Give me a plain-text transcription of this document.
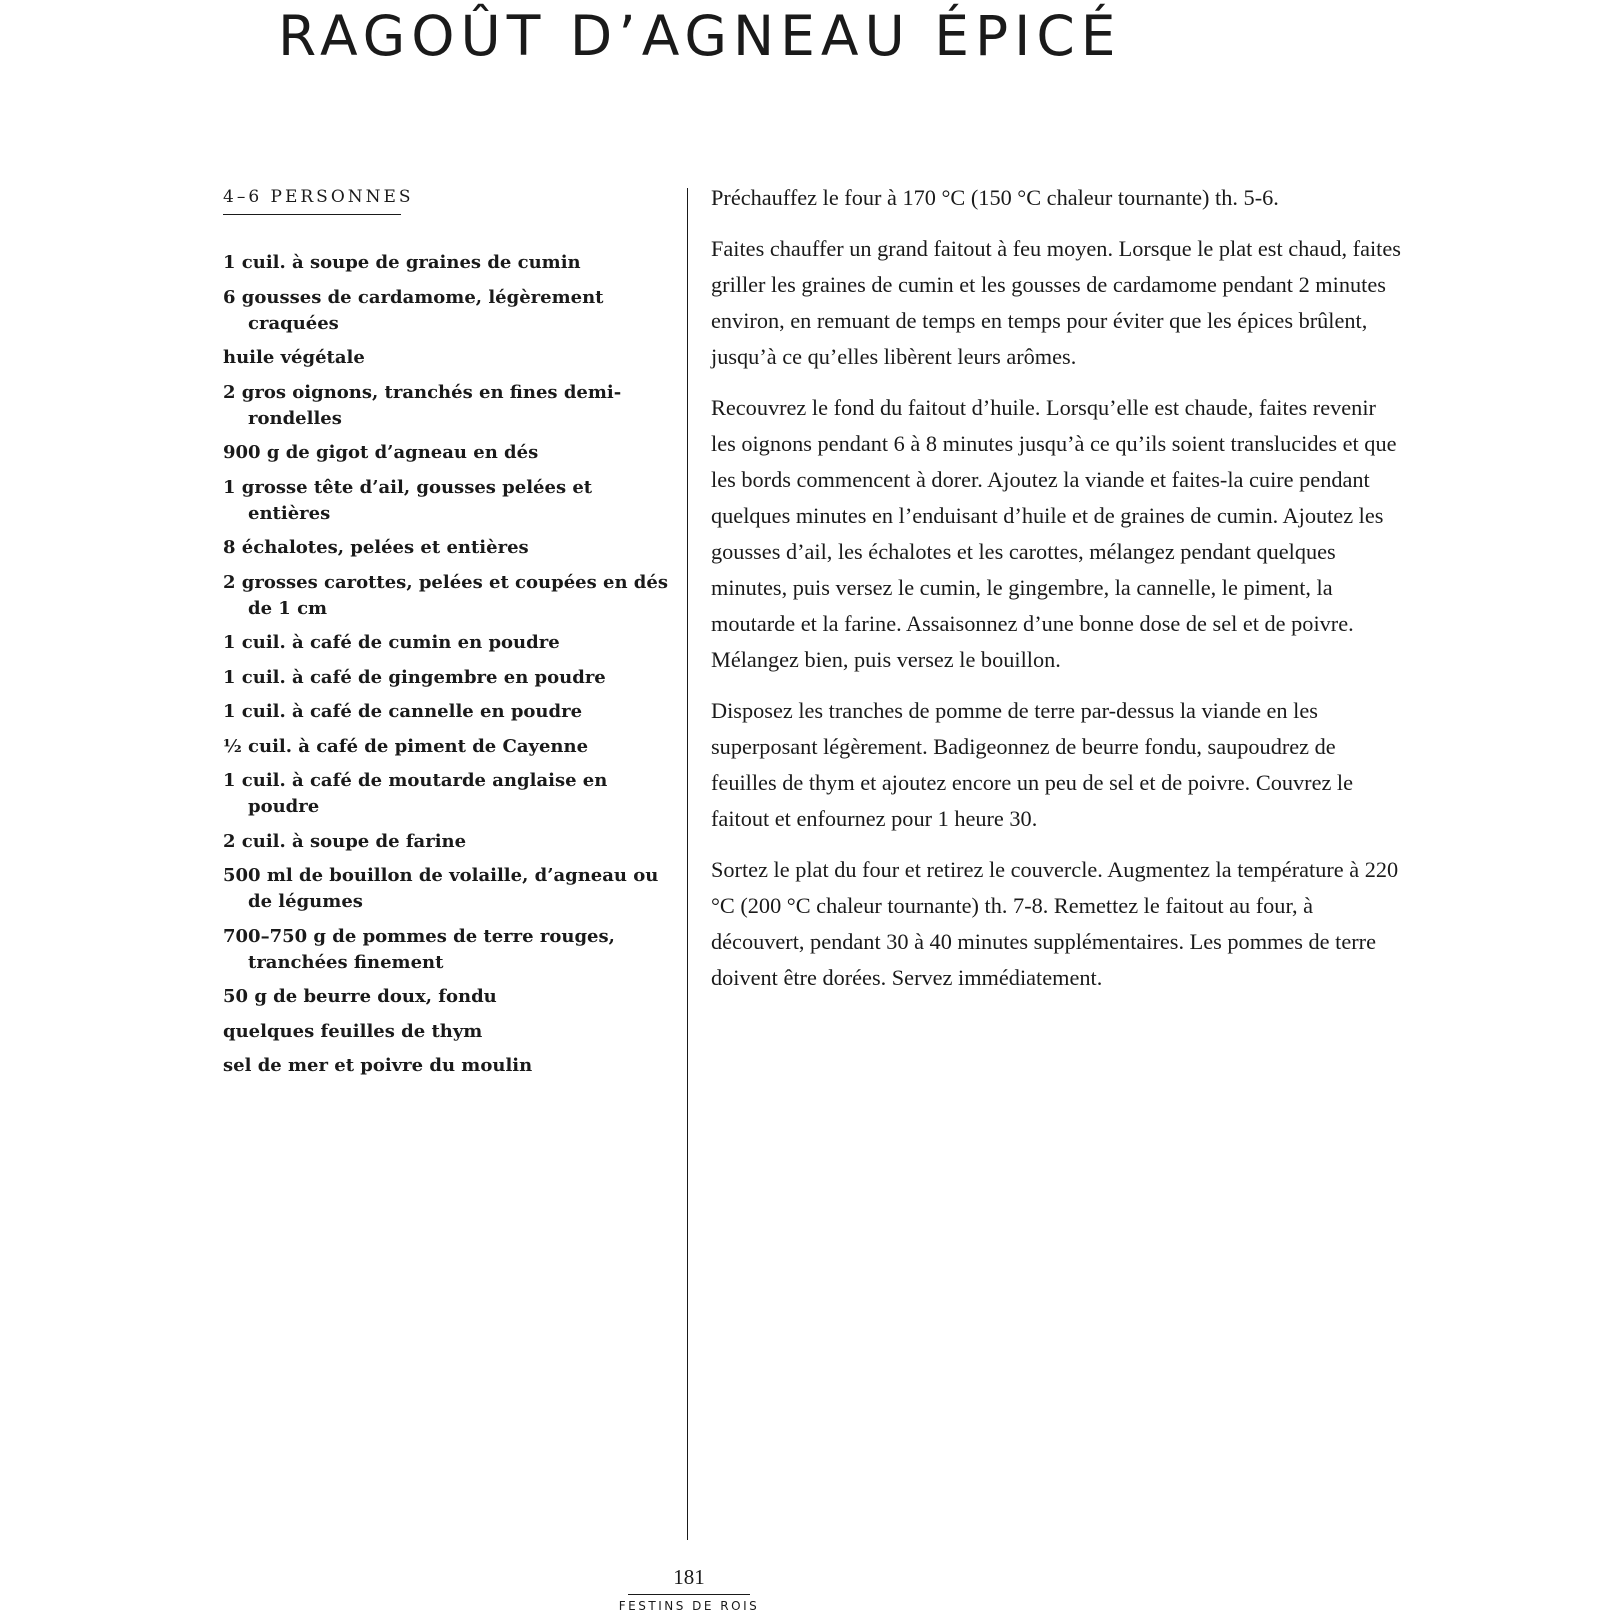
RAGOÛT D’AGNEAU ÉPICÉ
4–6 PERSONNES
1 cuil. à soupe de graines de cumin
6 gousses de cardamome, légèrement craquées
huile végétale
2 gros oignons, tranchés en fines demi-rondelles
900 g de gigot d’agneau en dés
1 grosse tête d’ail, gousses pelées et entières
8 échalotes, pelées et entières
2 grosses carottes, pelées et coupées en dés de 1 cm
1 cuil. à café de cumin en poudre
1 cuil. à café de gingembre en poudre
1 cuil. à café de cannelle en poudre
½ cuil. à café de piment de Cayenne
1 cuil. à café de moutarde anglaise en poudre
2 cuil. à soupe de farine
500 ml de bouillon de volaille, d’agneau ou de légumes
700–750 g de pommes de terre rouges, tranchées finement
50 g de beurre doux, fondu
quelques feuilles de thym
sel de mer et poivre du moulin

Préchauffez le four à 170 °C (150 °C chaleur tournante) th. 5-6.

Faites chauffer un grand faitout à feu moyen. Lorsque le plat est chaud, faites griller les graines de cumin et les gousses de cardamome pendant 2 minutes environ, en remuant de temps en temps pour éviter que les épices brûlent, jusqu’à ce qu’elles libèrent leurs arômes.

Recouvrez le fond du faitout d’huile. Lorsqu’elle est chaude, faites revenir les oignons pendant 6 à 8 minutes jusqu’à ce qu’ils soient translucides et que les bords commencent à dorer. Ajoutez la viande et faites-la cuire pendant quelques minutes en l’enduisant d’huile et de graines de cumin. Ajoutez les gousses d’ail, les échalotes et les carottes, mélangez pendant quelques minutes, puis versez le cumin, le gingembre, la cannelle, le piment, la moutarde et la farine. Assaisonnez d’une bonne dose de sel et de poivre. Mélangez bien, puis versez le bouillon.

Disposez les tranches de pomme de terre par-dessus la viande en les superposant légèrement. Badigeonnez de beurre fondu, saupoudrez de feuilles de thym et ajoutez encore un peu de sel et de poivre. Couvrez le faitout et enfournez pour 1 heure 30.

Sortez le plat du four et retirez le couvercle. Augmentez la température à 220 °C (200 °C chaleur tournante) th. 7-8. Remettez le faitout au four, à découvert, pendant 30 à 40 minutes supplémentaires. Les pommes de terre doivent être dorées. Servez immédiatement.

181
FESTINS DE ROIS
